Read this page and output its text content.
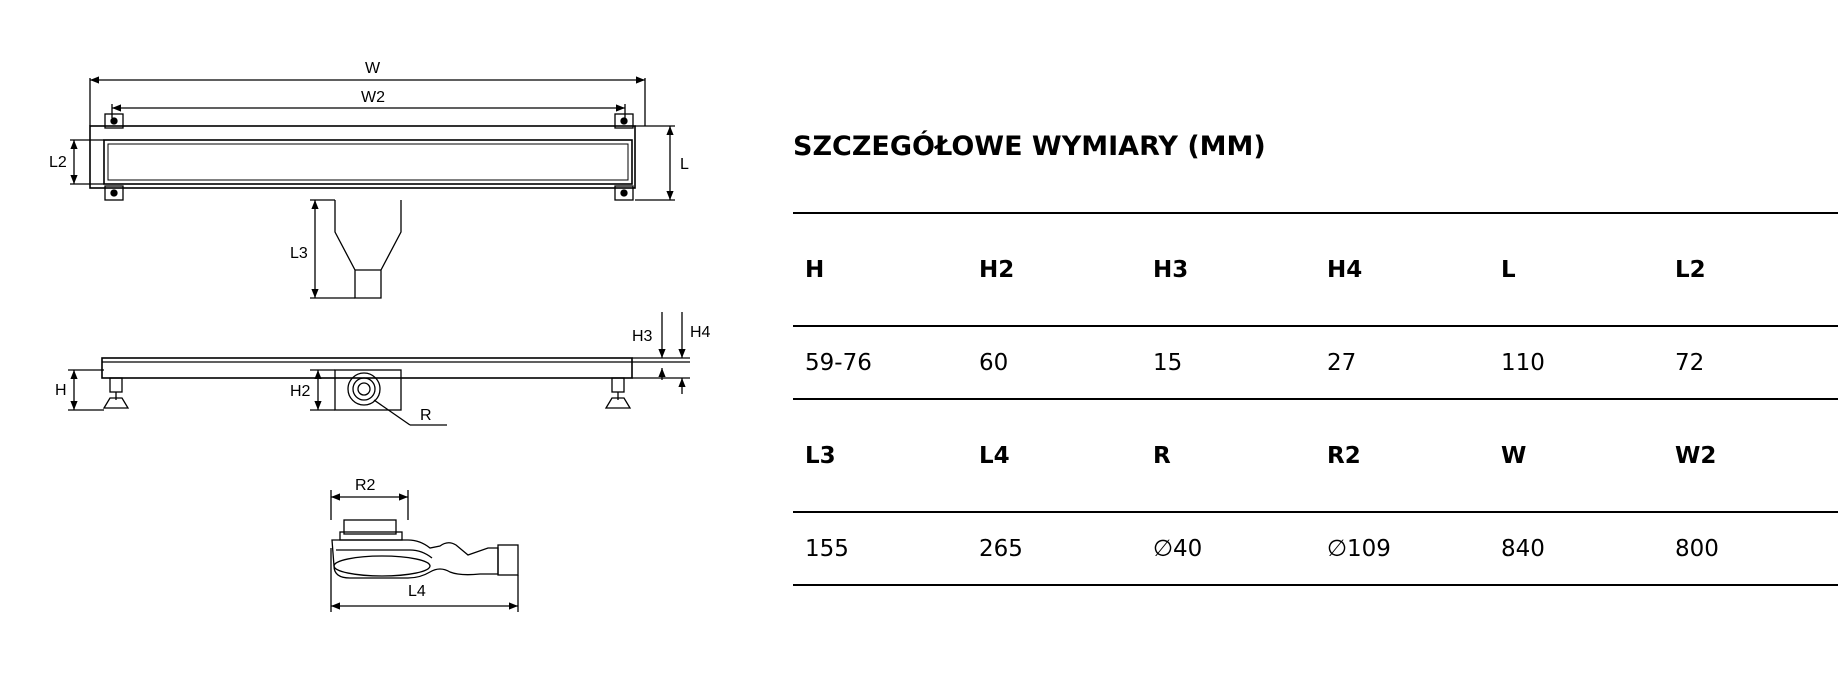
W
W2
L2	L
L3
H3 H4
H	H2
R
R2
L4
SZCZEGÓŁOWE WYMIARY (MM)
H	H2	H3	H4	L	L2
59-76	60	15	27	110	72
L3	L4	R	R2	W	W2
155	265	∅40	∅109	840	800
